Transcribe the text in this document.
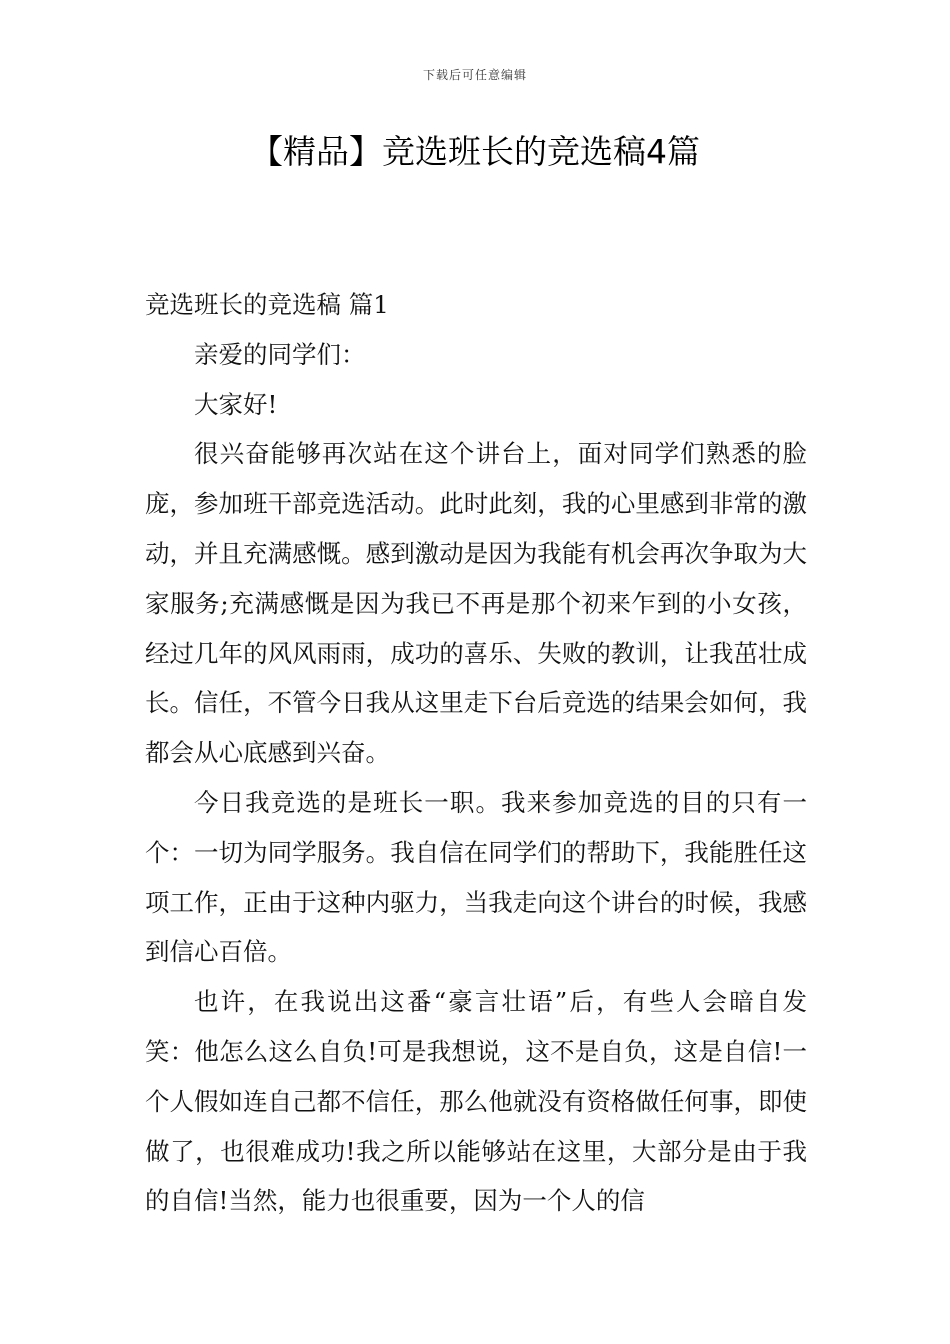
下载后可任意编辑
【精品】竞选班长的竞选稿4篇
竞选班长的竞选稿 篇1

亲爱的同学们：

大家好!

很兴奋能够再次站在这个讲台上，面对同学们熟悉的脸庞，参加班干部竞选活动。此时此刻，我的心里感到非常的激动，并且充满感慨。感到激动是因为我能有机会再次争取为大家服务;充满感慨是因为我已不再是那个初来乍到的小女孩，经过几年的风风雨雨，成功的喜乐、失败的教训，让我茁壮成长。信任，不管今日我从这里走下台后竞选的结果会如何，我都会从心底感到兴奋。

今日我竞选的是班长一职。我来参加竞选的目的只有一个：一切为同学服务。我自信在同学们的帮助下，我能胜任这项工作，正由于这种内驱力，当我走向这个讲台的时候，我感到信心百倍。

也许，在我说出这番“豪言壮语”后，有些人会暗自发笑：他怎么这么自负!可是我想说，这不是自负，这是自信!一个人假如连自己都不信任，那么他就没有资格做任何事，即使做了，也很难成功!我之所以能够站在这里，大部分是由于我的自信!当然，能力也很重要，因为一个人的信
